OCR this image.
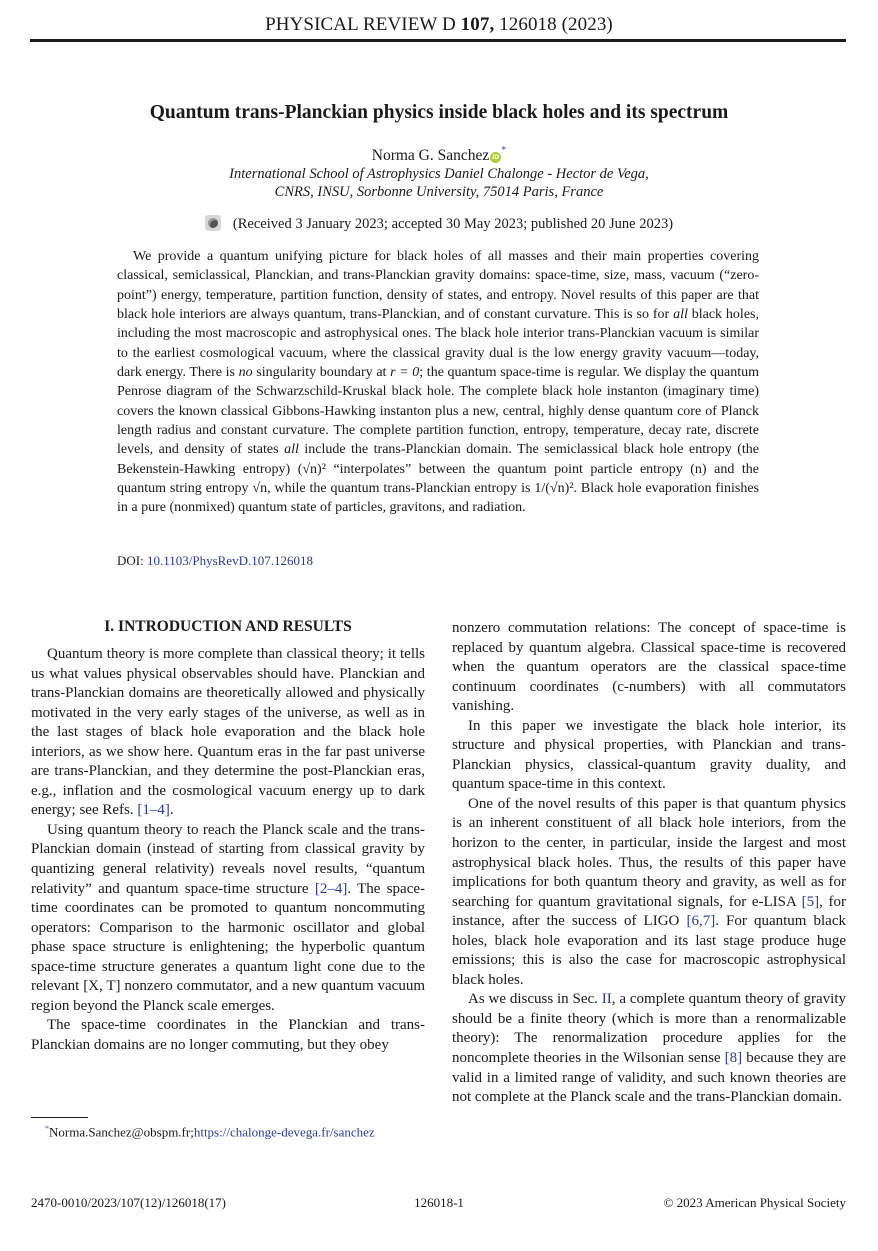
PHYSICAL REVIEW D 107, 126018 (2023)
Quantum trans-Planckian physics inside black holes and its spectrum
Norma G. Sanchez iD*
International School of Astrophysics Daniel Chalonge - Hector de Vega,
CNRS, INSU, Sorbonne University, 75014 Paris, France
(Received 3 January 2023; accepted 30 May 2023; published 20 June 2023)

We provide a quantum unifying picture for black holes of all masses and their main properties covering classical, semiclassical, Planckian, and trans-Planckian gravity domains: space-time, size, mass, vacuum (“zero-point”) energy, temperature, partition function, density of states, and entropy. Novel results of this paper are that black hole interiors are always quantum, trans-Planckian, and of constant curvature. This is so for all black holes, including the most macroscopic and astrophysical ones. The black hole interior trans-Planckian vacuum is similar to the earliest cosmological vacuum, where the classical gravity dual is the low energy gravity vacuum—today, dark energy. There is no singularity boundary at r = 0; the quantum space-time is regular. We display the quantum Penrose diagram of the Schwarzschild-Kruskal black hole. The complete black hole instanton (imaginary time) covers the known classical Gibbons-Hawking instanton plus a new, central, highly dense quantum core of Planck length radius and constant curvature. The complete partition function, entropy, temperature, decay rate, discrete levels, and density of states all include the trans-Planckian domain. The semiclassical black hole entropy (the Bekenstein-Hawking entropy) (√n)² “interpolates” between the quantum point particle entropy (n) and the quantum string entropy √n, while the quantum trans-Planckian entropy is 1/(√n)². Black hole evaporation finishes in a pure (nonmixed) quantum state of particles, gravitons, and radiation.

DOI: 10.1103/PhysRevD.107.126018
I. INTRODUCTION AND RESULTS

Quantum theory is more complete than classical theory; it tells us what values physical observables should have. Planckian and trans-Planckian domains are theoretically allowed and physically motivated in the very early stages of the universe, as well as in the last stages of black hole evaporation and the black hole interiors, as we show here. Quantum eras in the far past universe are trans-Planckian, and they determine the post-Planckian eras, e.g., inflation and the cosmological vacuum energy up to dark energy; see Refs. [1–4].

Using quantum theory to reach the Planck scale and the trans-Planckian domain (instead of starting from classical gravity by quantizing general relativity) reveals novel results, “quantum relativity” and quantum space-time structure [2–4]. The space-time coordinates can be promoted to quantum noncommuting operators: Comparison to the harmonic oscillator and global phase space structure is enlightening; the hyperbolic quantum space-time structure generates a quantum light cone due to the relevant [X, T] nonzero commutator, and a new quantum vacuum region beyond the Planck scale emerges.

The space-time coordinates in the Planckian and trans-Planckian domains are no longer commuting, but they obey

nonzero commutation relations: The concept of space-time is replaced by quantum algebra. Classical space-time is recovered when the quantum operators are the classical space-time continuum coordinates (c-numbers) with all commutators vanishing.

In this paper we investigate the black hole interior, its structure and physical properties, with Planckian and trans-Planckian physics, classical-quantum gravity duality, and quantum space-time in this context.

One of the novel results of this paper is that quantum physics is an inherent constituent of all black hole interiors, from the horizon to the center, in particular, inside the largest and most astrophysical black holes. Thus, the results of this paper have implications for both quantum theory and gravity, as well as for searching for quantum gravitational signals, for e-LISA [5], for instance, after the success of LIGO [6,7]. For quantum black holes, black hole evaporation and its last stage produce huge emissions; this is also the case for macroscopic astrophysical black holes.

As we discuss in Sec. II, a complete quantum theory of gravity should be a finite theory (which is more than a renormalizable theory): The renormalization procedure applies for the noncomplete theories in the Wilsonian sense [8] because they are valid in a limited range of validity, and such known theories are not complete at the Planck scale and the trans-Planckian domain.

*Norma.Sanchez@obspm.fr;https://chalonge-devega.fr/sanchez
2470-0010/2023/107(12)/126018(17)	126018-1	© 2023 American Physical Society
